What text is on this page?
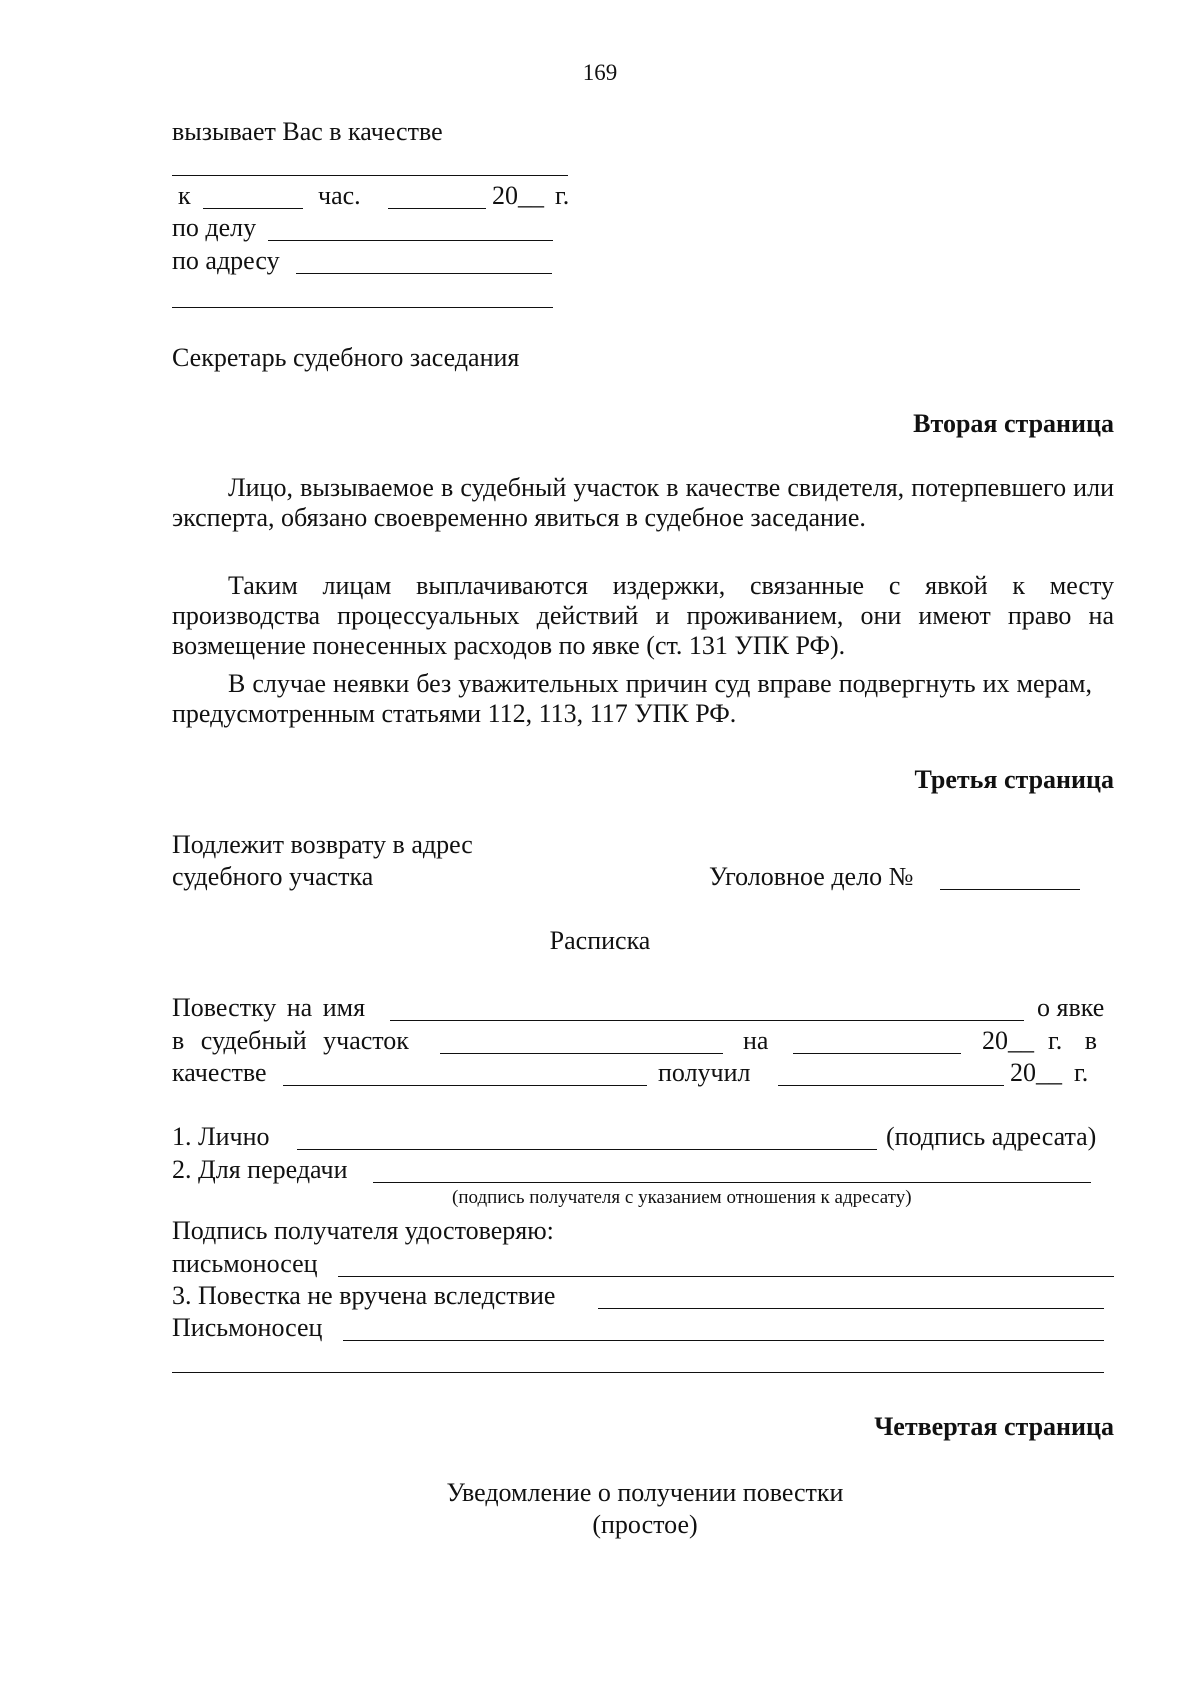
169
вызывает Вас в качестве
к	час.	20__ г.
по делу
по адресу
Секретарь судебного заседания
Вторая страница
Лицо, вызываемое в судебный участок в качестве свидетеля, потерпевшего или эксперта, обязано своевременно явиться в судебное заседание.
Таким лицам выплачиваются издержки, связанные с явкой к месту производства процессуальных действий и проживанием, они имеют право на возмещение понесенных расходов по явке (ст. 131 УПК РФ).
В случае неявки без уважительных причин суд вправе подвергнуть их мерам, предусмотренным статьями 112, 113, 117 УПК РФ.
Третья страница
Подлежит возврату в адрес
судебного участка	Уголовное дело №
Расписка
Повестку на имя	о явке
в судебный участок	на	20__ г. в
качестве	получил	20__ г.
1. Лично	(подпись адресата)
2. Для передачи
(подпись получателя с указанием отношения к адресату)
Подпись получателя удостоверяю:
письмоносец
3. Повестка не вручена вследствие
Письмоносец
Четвертая страница
Уведомление о получении повестки
(простое)
